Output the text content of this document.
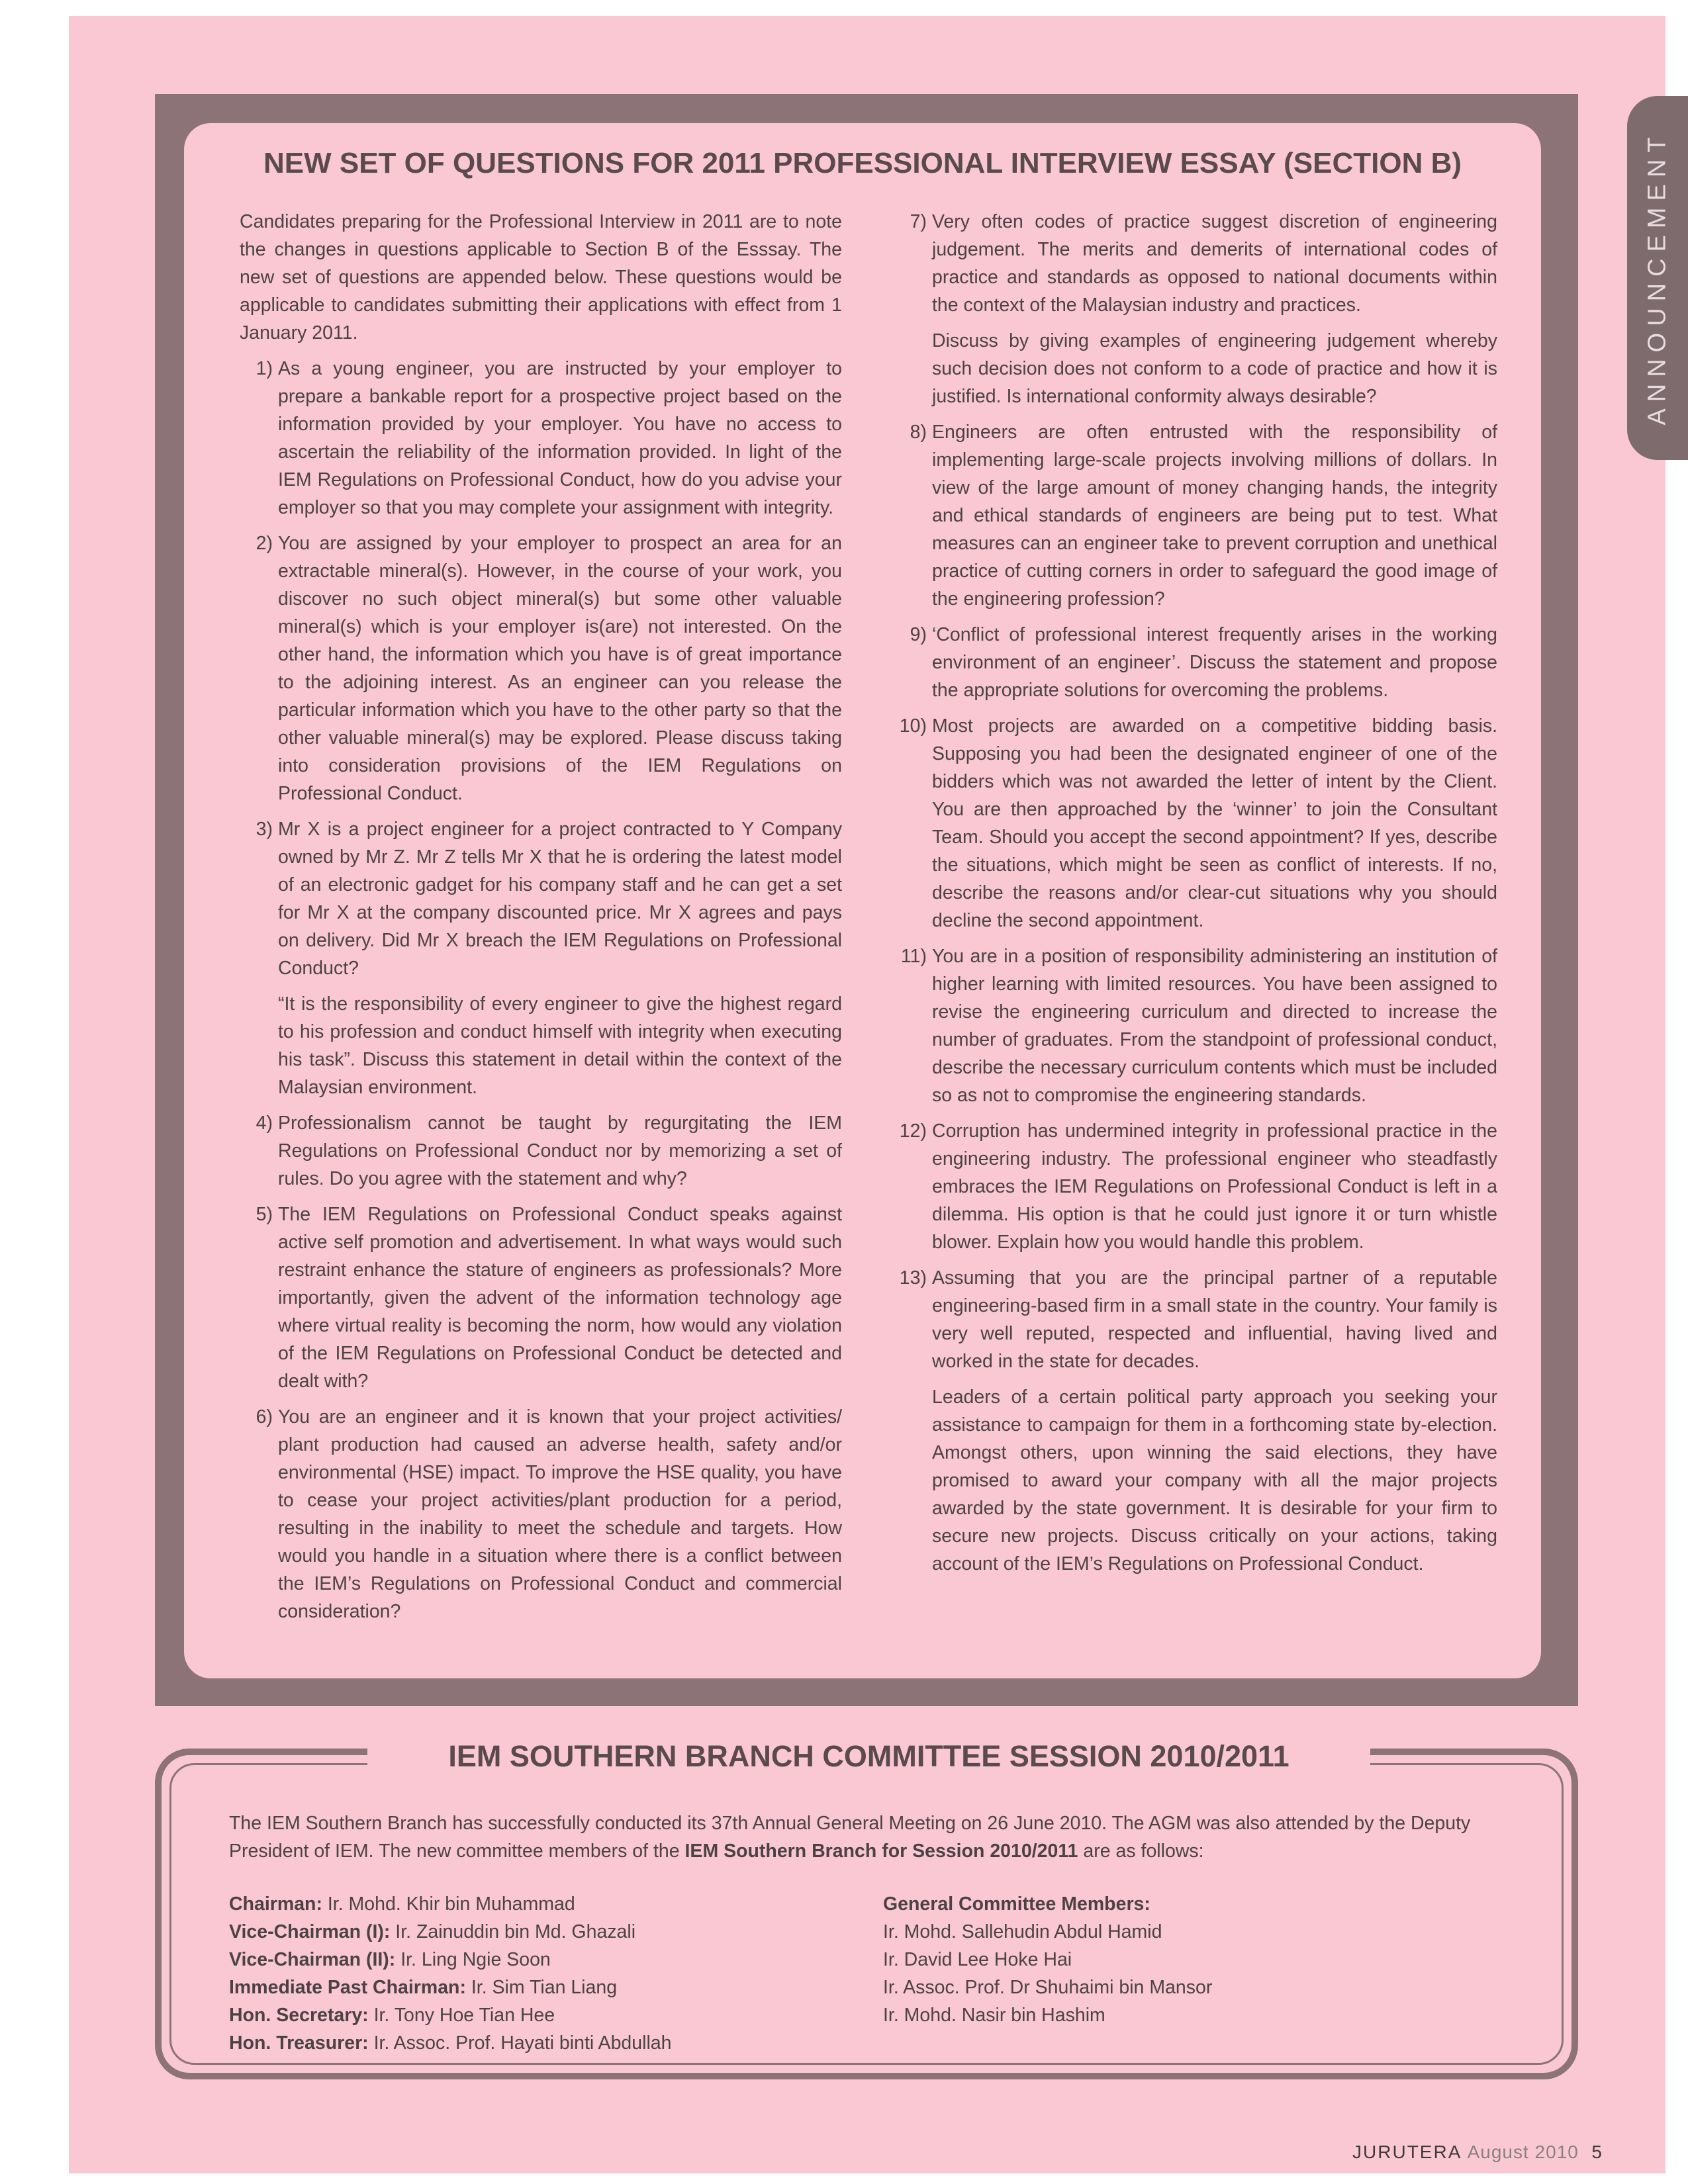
ANNOUNCEMENT
NEW SET OF QUESTIONS FOR 2011 PROFESSIONAL INTERVIEW ESSAY (SECTION B)

Candidates preparing for the Professional Interview in 2011 are to note the changes in questions applicable to Section B of the Esssay. The new set of questions are appended below. These questions would be applicable to candidates submitting their applications with effect from 1 January 2011.

1) As a young engineer, you are instructed by your employer to prepare a bankable report for a prospective project based on the information provided by your employer. You have no access to ascertain the reliability of the information provided. In light of the IEM Regulations on Professional Conduct, how do you advise your employer so that you may complete your assignment with integrity.

2) You are assigned by your employer to prospect an area for an extractable mineral(s). However, in the course of your work, you discover no such object mineral(s) but some other valuable mineral(s) which is your employer is(are) not interested. On the other hand, the information which you have is of great importance to the adjoining interest. As an engineer can you release the particular information which you have to the other party so that the other valuable mineral(s) may be explored. Please discuss taking into consideration provisions of the IEM Regulations on Professional Conduct.

3) Mr X is a project engineer for a project contracted to Y Company owned by Mr Z. Mr Z tells Mr X that he is ordering the latest model of an electronic gadget for his company staff and he can get a set for Mr X at the company discounted price. Mr X agrees and pays on delivery. Did Mr X breach the IEM Regulations on Professional Conduct?

“It is the responsibility of every engineer to give the highest regard to his profession and conduct himself with integrity when executing his task”. Discuss this statement in detail within the context of the Malaysian environment.

4) Professionalism cannot be taught by regurgitating the IEM Regulations on Professional Conduct nor by memorizing a set of rules. Do you agree with the statement and why?

5) The IEM Regulations on Professional Conduct speaks against active self promotion and advertisement. In what ways would such restraint enhance the stature of engineers as professionals? More importantly, given the advent of the information technology age where virtual reality is becoming the norm, how would any violation of the IEM Regulations on Professional Conduct be detected and dealt with?

6) You are an engineer and it is known that your project activities/ plant production had caused an adverse health, safety and/or environmental (HSE) impact. To improve the HSE quality, you have to cease your project activities/plant production for a period, resulting in the inability to meet the schedule and targets. How would you handle in a situation where there is a conflict between the IEM’s Regulations on Professional Conduct and commercial consideration?

7) Very often codes of practice suggest discretion of engineering judgement. The merits and demerits of international codes of practice and standards as opposed to national documents within the context of the Malaysian industry and practices.

Discuss by giving examples of engineering judgement whereby such decision does not conform to a code of practice and how it is justified. Is international conformity always desirable?

8) Engineers are often entrusted with the responsibility of implementing large-scale projects involving millions of dollars. In view of the large amount of money changing hands, the integrity and ethical standards of engineers are being put to test. What measures can an engineer take to prevent corruption and unethical practice of cutting corners in order to safeguard the good image of the engineering profession?

9) ‘Conflict of professional interest frequently arises in the working environment of an engineer’. Discuss the statement and propose the appropriate solutions for overcoming the problems.

10) Most projects are awarded on a competitive bidding basis. Supposing you had been the designated engineer of one of the bidders which was not awarded the letter of intent by the Client. You are then approached by the ‘winner’ to join the Consultant Team. Should you accept the second appointment? If yes, describe the situations, which might be seen as conflict of interests. If no, describe the reasons and/or clear-cut situations why you should decline the second appointment.

11) You are in a position of responsibility administering an institution of higher learning with limited resources. You have been assigned to revise the engineering curriculum and directed to increase the number of graduates. From the standpoint of professional conduct, describe the necessary curriculum contents which must be included so as not to compromise the engineering standards.

12) Corruption has undermined integrity in professional practice in the engineering industry. The professional engineer who steadfastly embraces the IEM Regulations on Professional Conduct is left in a dilemma. His option is that he could just ignore it or turn whistle blower. Explain how you would handle this problem.

13) Assuming that you are the principal partner of a reputable engineering-based firm in a small state in the country. Your family is very well reputed, respected and influential, having lived and worked in the state for decades.

Leaders of a certain political party approach you seeking your assistance to campaign for them in a forthcoming state by-election. Amongst others, upon winning the said elections, they have promised to award your company with all the major projects awarded by the state government. It is desirable for your firm to secure new projects. Discuss critically on your actions, taking account of the IEM’s Regulations on Professional Conduct.

IEM SOUTHERN BRANCH COMMITTEE SESSION 2010/2011
The IEM Southern Branch has successfully conducted its 37th Annual General Meeting on 26 June 2010. The AGM was also attended by the Deputy President of IEM. The new committee members of the IEM Southern Branch for Session 2010/2011 are as follows:
Chairman: Ir. Mohd. Khir bin Muhammad
Vice-Chairman (I): Ir. Zainuddin bin Md. Ghazali
Vice-Chairman (II): Ir. Ling Ngie Soon
Immediate Past Chairman: Ir. Sim Tian Liang
Hon. Secretary: Ir. Tony Hoe Tian Hee
Hon. Treasurer: Ir. Assoc. Prof. Hayati binti Abdullah
General Committee Members:
Ir. Mohd. Sallehudin Abdul Hamid
Ir. David Lee Hoke Hai
Ir. Assoc. Prof. Dr Shuhaimi bin Mansor
Ir. Mohd. Nasir bin Hashim
JURUTERA August 2010 5
